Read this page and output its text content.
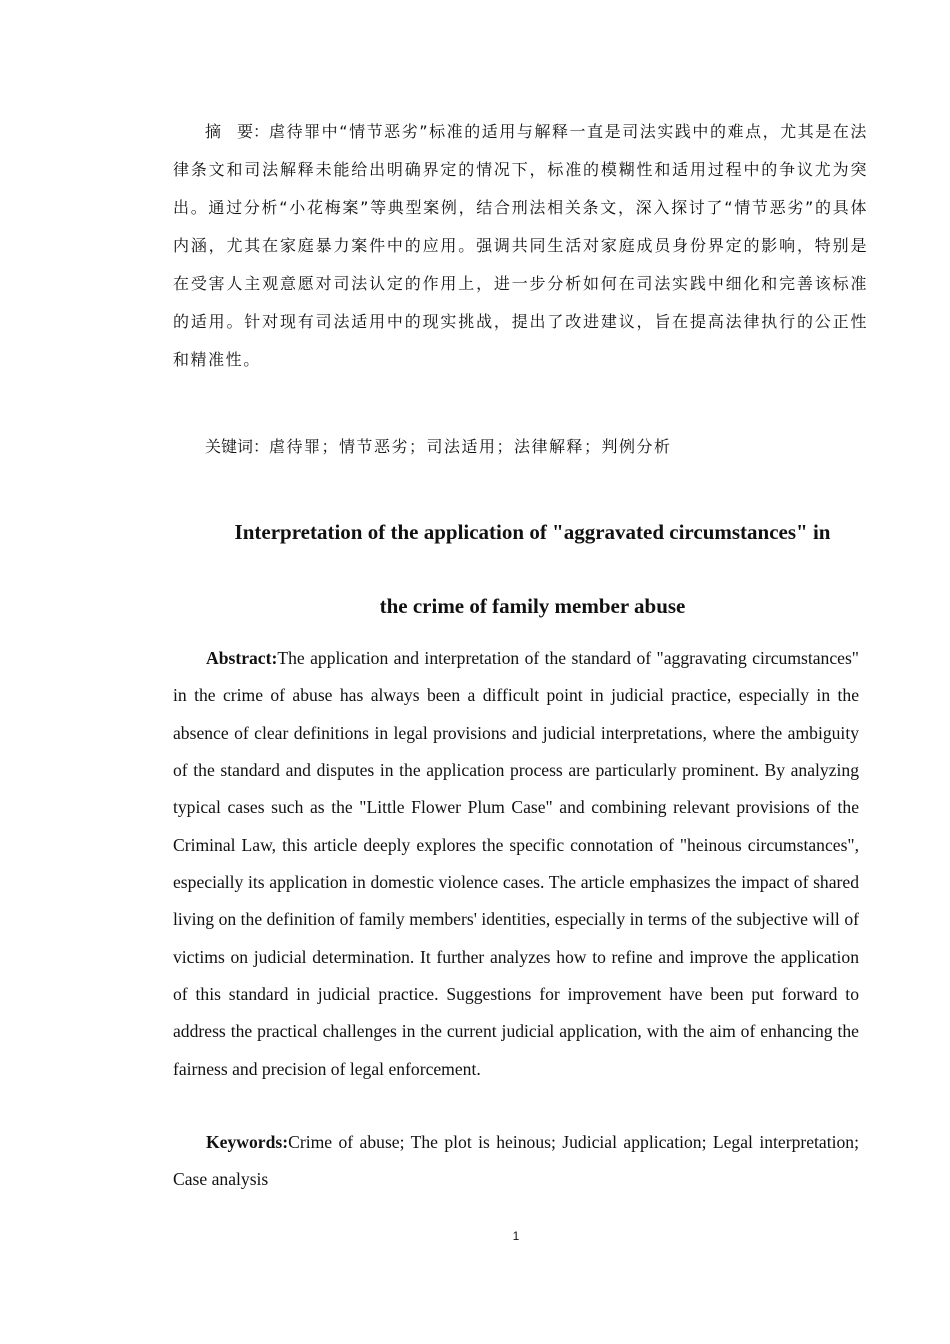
摘　要：虐待罪中“情节恶劣”标准的适用与解释一直是司法实践中的难点，尤其是在法律条文和司法解释未能给出明确界定的情况下，标准的模糊性和适用过程中的争议尤为突出。通过分析“小花梅案”等典型案例，结合刑法相关条文，深入探讨了“情节恶劣”的具体内涵，尤其在家庭暴力案件中的应用。强调共同生活对家庭成员身份界定的影响，特别是在受害人主观意愿对司法认定的作用上，进一步分析如何在司法实践中细化和完善该标准的适用。针对现有司法适用中的现实挑战，提出了改进建议，旨在提高法律执行的公正性和精准性。

关键词：虐待罪；情节恶劣；司法适用；法律解释；判例分析

Interpretation of the application of "aggravated circumstances" in
the crime of family member abuse

Abstract:The application and interpretation of the standard of "aggravating circumstances" in the crime of abuse has always been a difficult point in judicial practice, especially in the absence of clear definitions in legal provisions and judicial interpretations, where the ambiguity of the standard and disputes in the application process are particularly prominent. By analyzing typical cases such as the "Little Flower Plum Case" and combining relevant provisions of the Criminal Law, this article deeply explores the specific connotation of "heinous circumstances", especially its application in domestic violence cases. The article emphasizes the impact of shared living on the definition of family members' identities, especially in terms of the subjective will of victims on judicial determination. It further analyzes how to refine and improve the application of this standard in judicial practice. Suggestions for improvement have been put forward to address the practical challenges in the current judicial application, with the aim of enhancing the fairness and precision of legal enforcement.

Keywords:Crime of abuse; The plot is heinous; Judicial application; Legal interpretation; Case analysis

1
